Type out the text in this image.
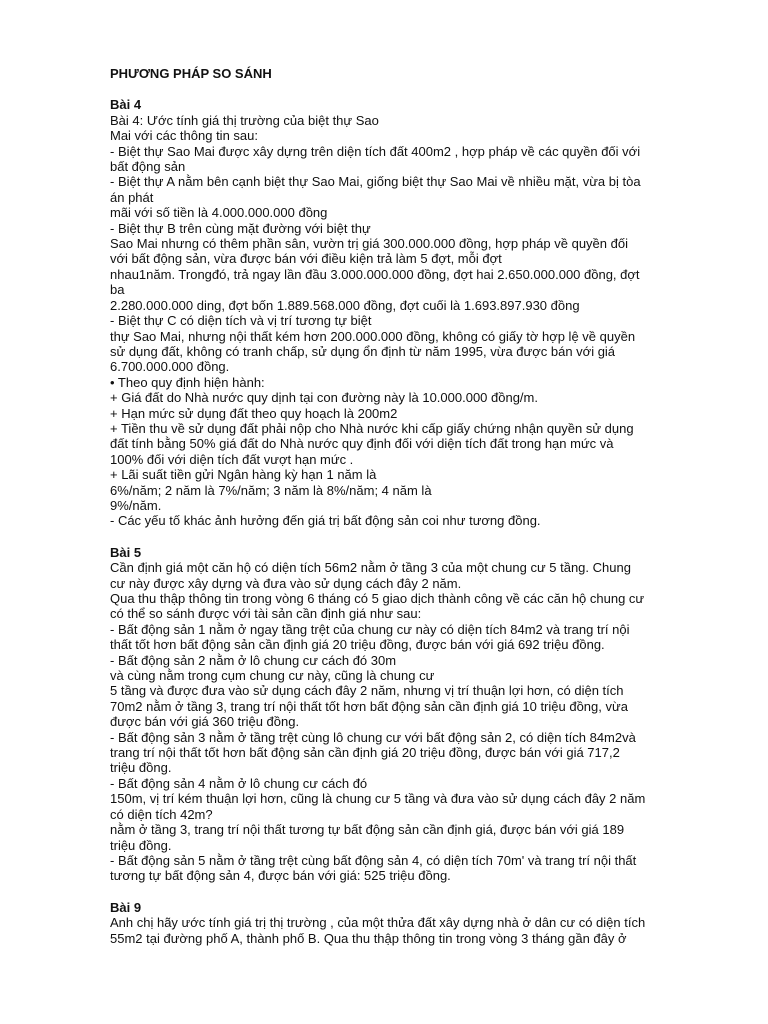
PHƯƠNG PHÁP SO SÁNH
Bài 4
Bài 4: Ước tính giá thị trường của biệt thự Sao
Mai với các thông tin sau:
- Biệt thự Sao Mai được xây dựng trên diện tích đất 400m2 , hợp pháp về các quyền đối với
bất động sản
- Biệt thự A nằm bên cạnh biệt thự Sao Mai, giống biệt thự Sao Mai về nhiều mặt, vừa bị tòa
án phát
mãi với số tiền là 4.000.000.000 đồng
- Biệt thự B trên cùng mặt đường với biệt thự
Sao Mai nhưng có thêm phần sân, vườn trị giá 300.000.000 đồng, hợp pháp về quyền đối
với bất động sản, vừa được bán với điều kiện trả làm 5 đợt, mỗi đợt
nhau1năm. Trongđó, trả ngay lần đầu 3.000.000.000 đồng, đợt hai 2.650.000.000 đồng, đợt
ba
2.280.000.000 ding, đợt bốn 1.889.568.000 đồng, đợt cuối là 1.693.897.930 đồng
- Biệt thự C có diện tích và vị trí tương tự biệt
thự Sao Mai, nhưng nội thất kém hơn 200.000.000 đồng, không có giấy tờ hợp lệ về quyền
sử dụng đất, không có tranh chấp, sử dụng ổn định từ năm 1995, vừa được bán với giá
6.700.000.000 đồng.
• Theo quy định hiện hành:
+ Giá đất do Nhà nước quy dịnh tại con đường này là 10.000.000 đồng/m.
+ Hạn mức sử dụng đất theo quy hoạch là 200m2
+ Tiền thu về sử dụng đất phải nộp cho Nhà nước khi cấp giấy chứng nhận quyền sử dụng
đất tính bằng 50% giá đất do Nhà nước quy định đối với diện tích đất trong hạn mức và
100% đối với diện tích đất vượt hạn mức .
+ Lãi suất tiền gửi Ngân hàng kỳ hạn 1 năm là
6%/năm; 2 năm là 7%/năm; 3 năm là 8%/năm; 4 năm là
9%/năm.
- Các yếu tố khác ảnh hưởng đến giá trị bất động sản coi như tương đồng.
Bài 5
Cần định giá một căn hộ có diện tích 56m2 nằm ở tầng 3 của một chung cư 5 tầng. Chung
cư này được xây dựng và đưa vào sử dụng cách đây 2 năm.
Qua thu thập thông tin trong vòng 6 tháng có 5 giao dịch thành công về các căn hộ chung cư
có thể so sánh được với tài sản cần định giá như sau:
- Bất động sản 1 nằm ở ngay tầng trệt của chung cư này có diện tích 84m2 và trang trí nội
thất tốt hơn bất động sản cần định giá 20 triệu đồng, được bán với giá 692 triệu đồng.
- Bất động sản 2 nằm ở lô chung cư cách đó 30m
và cùng nằm trong cụm chung cư này, cũng là chung cư
5 tầng và được đưa vào sử dụng cách đây 2 năm, nhưng vị trí thuận lợi hơn, có diện tích
70m2 nằm ở tầng 3, trang trí nội thất tốt hơn bất động sản cần định giá 10 triệu đồng, vừa
được bán với giá 360 triệu đồng.
- Bất động sản 3 nằm ở tầng trệt cùng lô chung cư với bất động sản 2, có diện tích 84m2và
trang trí nội thất tốt hơn bất động sản cần định giá 20 triệu đồng, được bán với giá 717,2
triệu đồng.
- Bất động sản 4 nằm ở lô chung cư cách đó
150m, vị trí kém thuận lợi hơn, cũng là chung cư 5 tầng và đưa vào sử dụng cách đây 2 năm
có diện tích 42m?
nằm ở tầng 3, trang trí nội thất tương tự bất động sản cần định giá, được bán với giá 189
triệu đồng.
- Bất động sản 5 nằm ở tầng trệt cùng bất động sản 4, có diện tích 70m' và trang trí nội thất
tương tự bất động sản 4, được bán với giá: 525 triệu đồng.
Bài 9
Anh chị hãy ước tính giá trị thị trường , của một thửa đất xây dựng nhà ở dân cư có diện tích
55m2 tại đường phố A, thành phố B. Qua thu thập thông tin trong vòng 3 tháng gần đây ở
